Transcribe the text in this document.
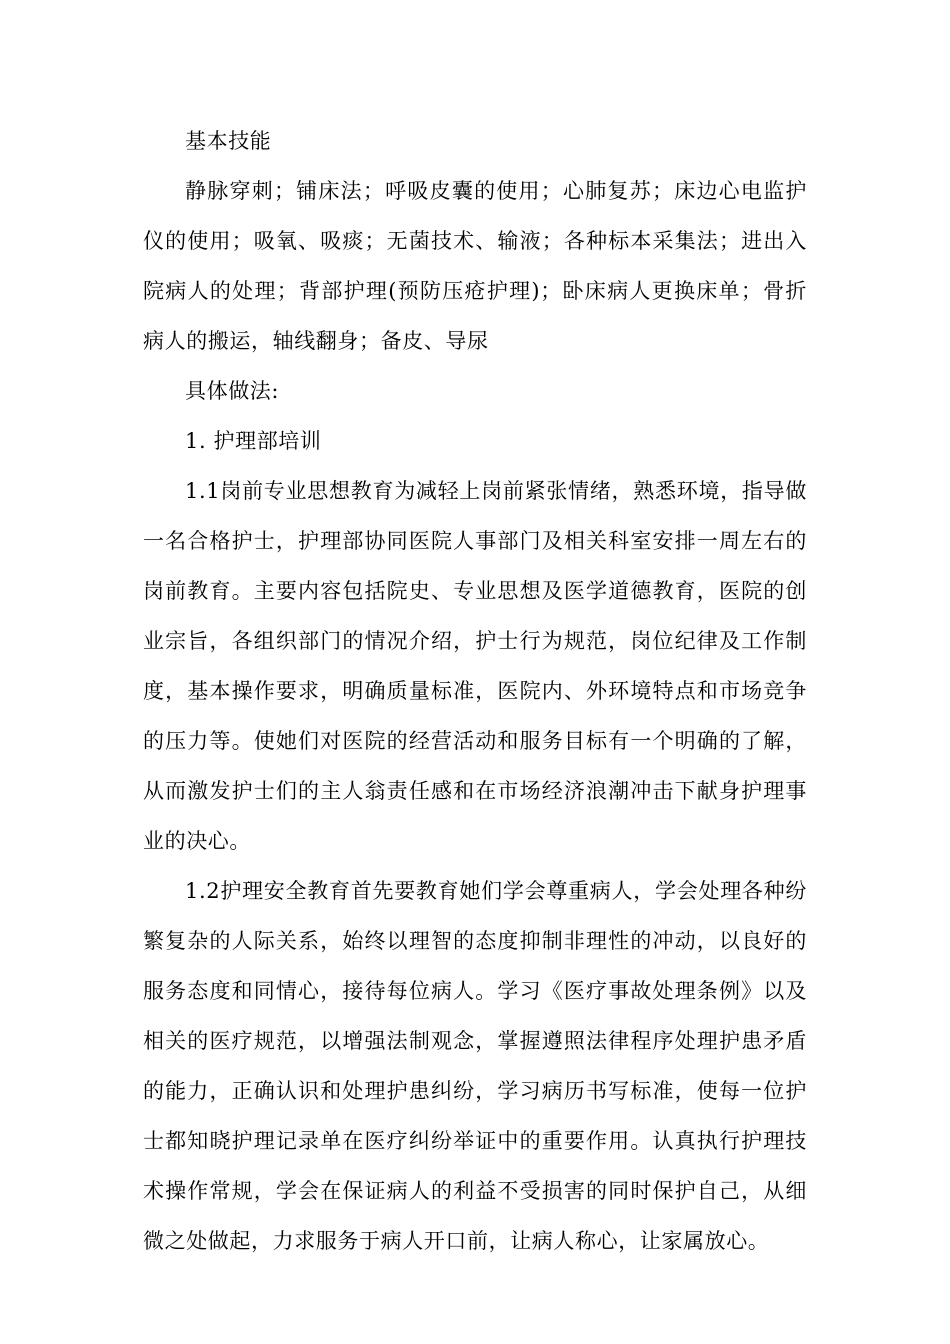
基本技能

静脉穿刺；铺床法；呼吸皮囊的使用；心肺复苏；床边心电监护仪的使用；吸氧、吸痰；无菌技术、输液；各种标本采集法；进出入院病人的处理；背部护理(预防压疮护理)；卧床病人更换床单；骨折病人的搬运，轴线翻身；备皮、导尿

具体做法:

1. 护理部培训

1.1岗前专业思想教育为减轻上岗前紧张情绪，熟悉环境，指导做一名合格护士，护理部协同医院人事部门及相关科室安排一周左右的岗前教育。主要内容包括院史、专业思想及医学道德教育，医院的创业宗旨，各组织部门的情况介绍，护士行为规范，岗位纪律及工作制度，基本操作要求，明确质量标准，医院内、外环境特点和市场竞争的压力等。使她们对医院的经营活动和服务目标有一个明确的了解，从而激发护士们的主人翁责任感和在市场经济浪潮冲击下献身护理事业的决心。

1.2护理安全教育首先要教育她们学会尊重病人，学会处理各种纷繁复杂的人际关系，始终以理智的态度抑制非理性的冲动，以良好的服务态度和同情心，接待每位病人。学习《医疗事故处理条例》以及相关的医疗规范，以增强法制观念，掌握遵照法律程序处理护患矛盾的能力，正确认识和处理护患纠纷，学习病历书写标准，使每一位护士都知晓护理记录单在医疗纠纷举证中的重要作用。认真执行护理技术操作常规，学会在保证病人的利益不受损害的同时保护自己，从细微之处做起，力求服务于病人开口前，让病人称心，让家属放心。
